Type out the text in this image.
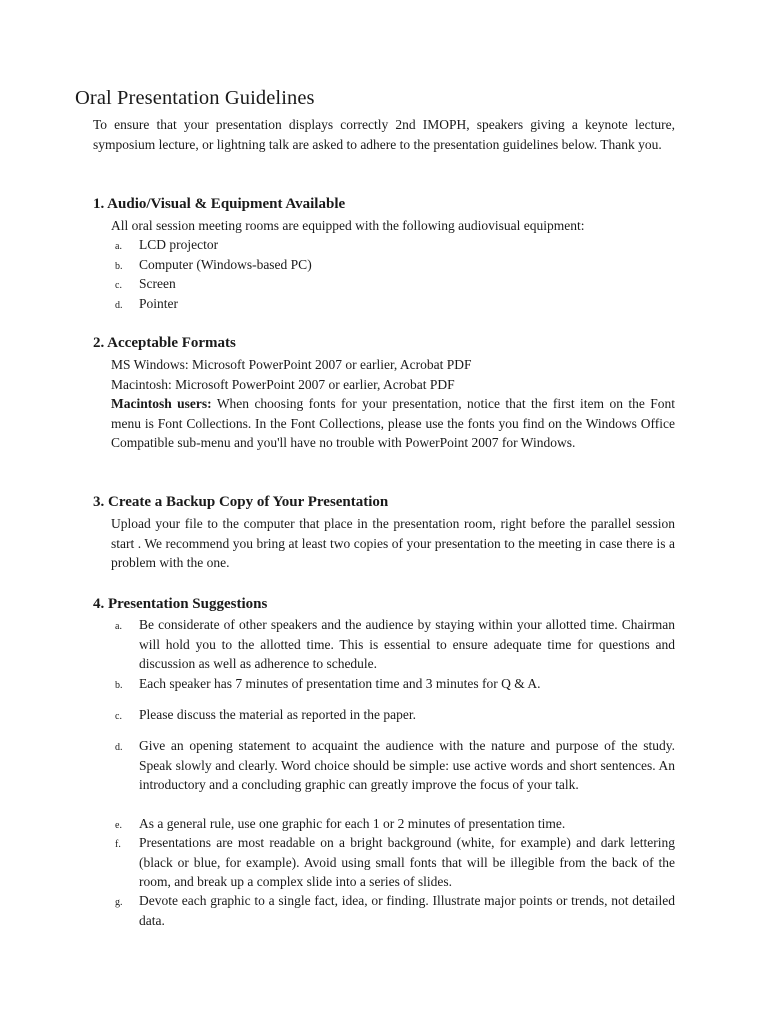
Oral Presentation Guidelines

To ensure that your presentation displays correctly 2nd IMOPH, speakers giving a keynote lecture, symposium lecture, or lightning talk are asked to adhere to the presentation guidelines below. Thank you.

1. Audio/Visual & Equipment Available

All oral session meeting rooms are equipped with the following audiovisual equipment:

a. LCD projector
b. Computer (Windows-based PC)
c. Screen
d. Pointer
2. Acceptable Formats
MS Windows: Microsoft PowerPoint 2007 or earlier, Acrobat PDF
Macintosh: Microsoft PowerPoint 2007 or earlier, Acrobat PDF
Macintosh users: When choosing fonts for your presentation, notice that the first item on the Font menu is Font Collections. In the Font Collections, please use the fonts you find on the Windows Office Compatible sub-menu and you'll have no trouble with PowerPoint 2007 for Windows.
3. Create a Backup Copy of Your Presentation

Upload your file to the computer that place in the presentation room, right before the parallel session start . We recommend you bring at least two copies of your presentation to the meeting in case there is a problem with the one.

4. Presentation Suggestions
a. Be considerate of other speakers and the audience by staying within your allotted time. Chairman will hold you to the allotted time. This is essential to ensure adequate time for questions and discussion as well as adherence to schedule.
b. Each speaker has 7 minutes of presentation time and 3 minutes for Q & A.
c. Please discuss the material as reported in the paper.
d. Give an opening statement to acquaint the audience with the nature and purpose of the study. Speak slowly and clearly. Word choice should be simple: use active words and short sentences. An introductory and a concluding graphic can greatly improve the focus of your talk.
e. As a general rule, use one graphic for each 1 or 2 minutes of presentation time.
f. Presentations are most readable on a bright background (white, for example) and dark lettering (black or blue, for example). Avoid using small fonts that will be illegible from the back of the room, and break up a complex slide into a series of slides.
g. Devote each graphic to a single fact, idea, or finding. Illustrate major points or trends, not detailed data.
